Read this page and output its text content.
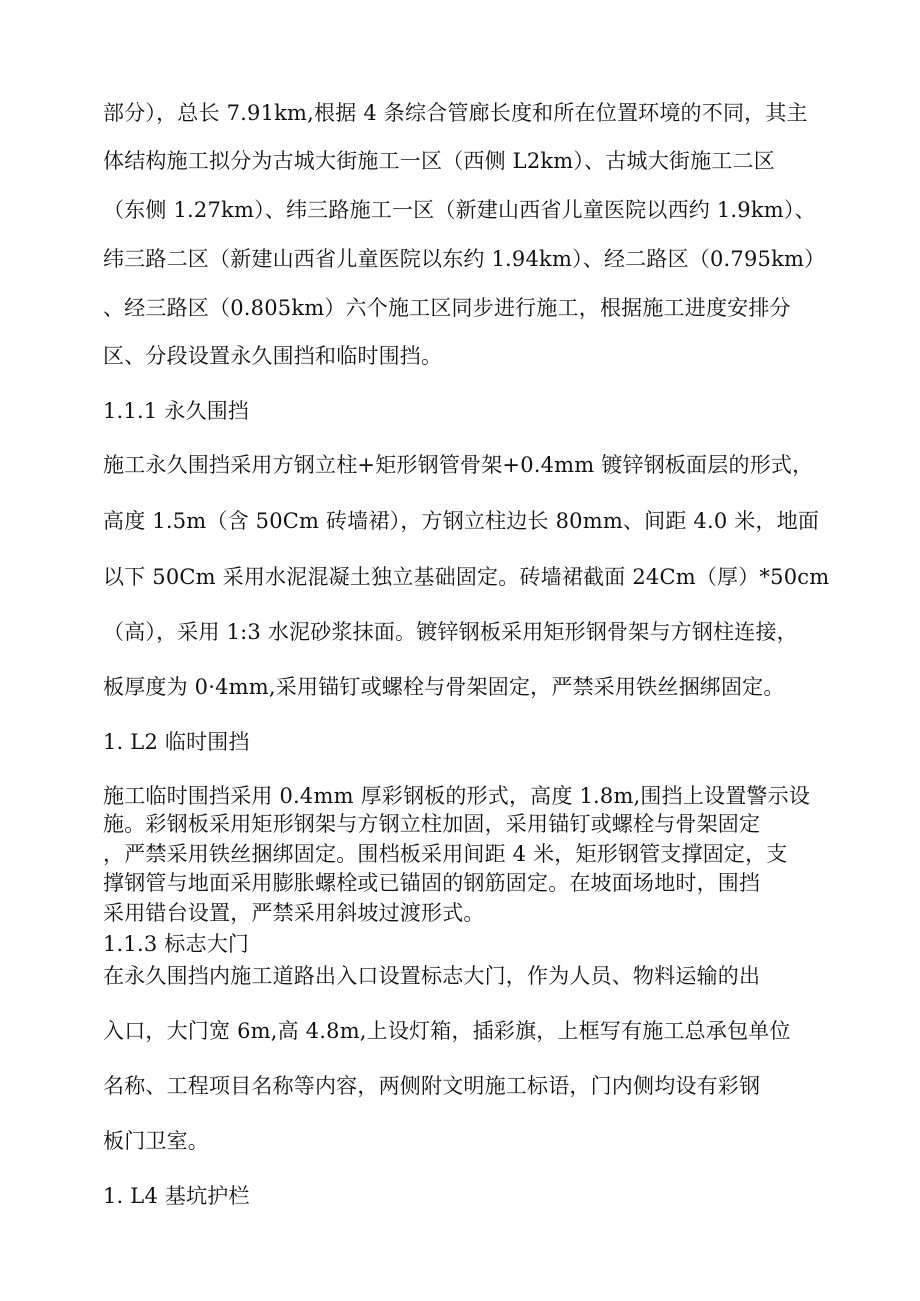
部分），总长 7.91km,根据 4 条综合管廊长度和所在位置环境的不同，其主
体结构施工拟分为古城大街施工一区（西侧 L2km）、古城大街施工二区
（东侧 1.27km）、纬三路施工一区（新建山西省儿童医院以西约 1.9km）、
纬三路二区（新建山西省儿童医院以东约 1.94km）、经二路区（0.795km）
、经三路区（0.805km）六个施工区同步进行施工，根据施工进度安排分
区、分段设置永久围挡和临时围挡。
1.1.1 永久围挡
施工永久围挡采用方钢立柱+矩形钢管骨架+0.4mm 镀锌钢板面层的形式，
高度 1.5m（含 50Cm 砖墙裙），方钢立柱边长 80mm、间距 4.0 米，地面
以下 50Cm 采用水泥混凝土独立基础固定。砖墙裙截面 24Cm（厚）*50cm
（高），采用 1:3 水泥砂浆抹面。镀锌钢板采用矩形钢骨架与方钢柱连接，
板厚度为 0·4mm,采用锚钉或螺栓与骨架固定，严禁采用铁丝捆绑固定。
1. L2 临时围挡
施工临时围挡采用 0.4mm 厚彩钢板的形式，高度 1.8m,围挡上设置警示设
施。彩钢板采用矩形钢架与方钢立柱加固，采用锚钉或螺栓与骨架固定
，严禁采用铁丝捆绑固定。围档板采用间距 4 米，矩形钢管支撑固定，支
撑钢管与地面采用膨胀螺栓或已锚固的钢筋固定。在坡面场地时，围挡
采用错台设置，严禁采用斜坡过渡形式。
1.1.3 标志大门
在永久围挡内施工道路出入口设置标志大门，作为人员、物料运输的出
入口，大门宽 6m,高 4.8m,上设灯箱，插彩旗，上框写有施工总承包单位
名称、工程项目名称等内容，两侧附文明施工标语，门内侧均设有彩钢
板门卫室。
1. L4 基坑护栏
